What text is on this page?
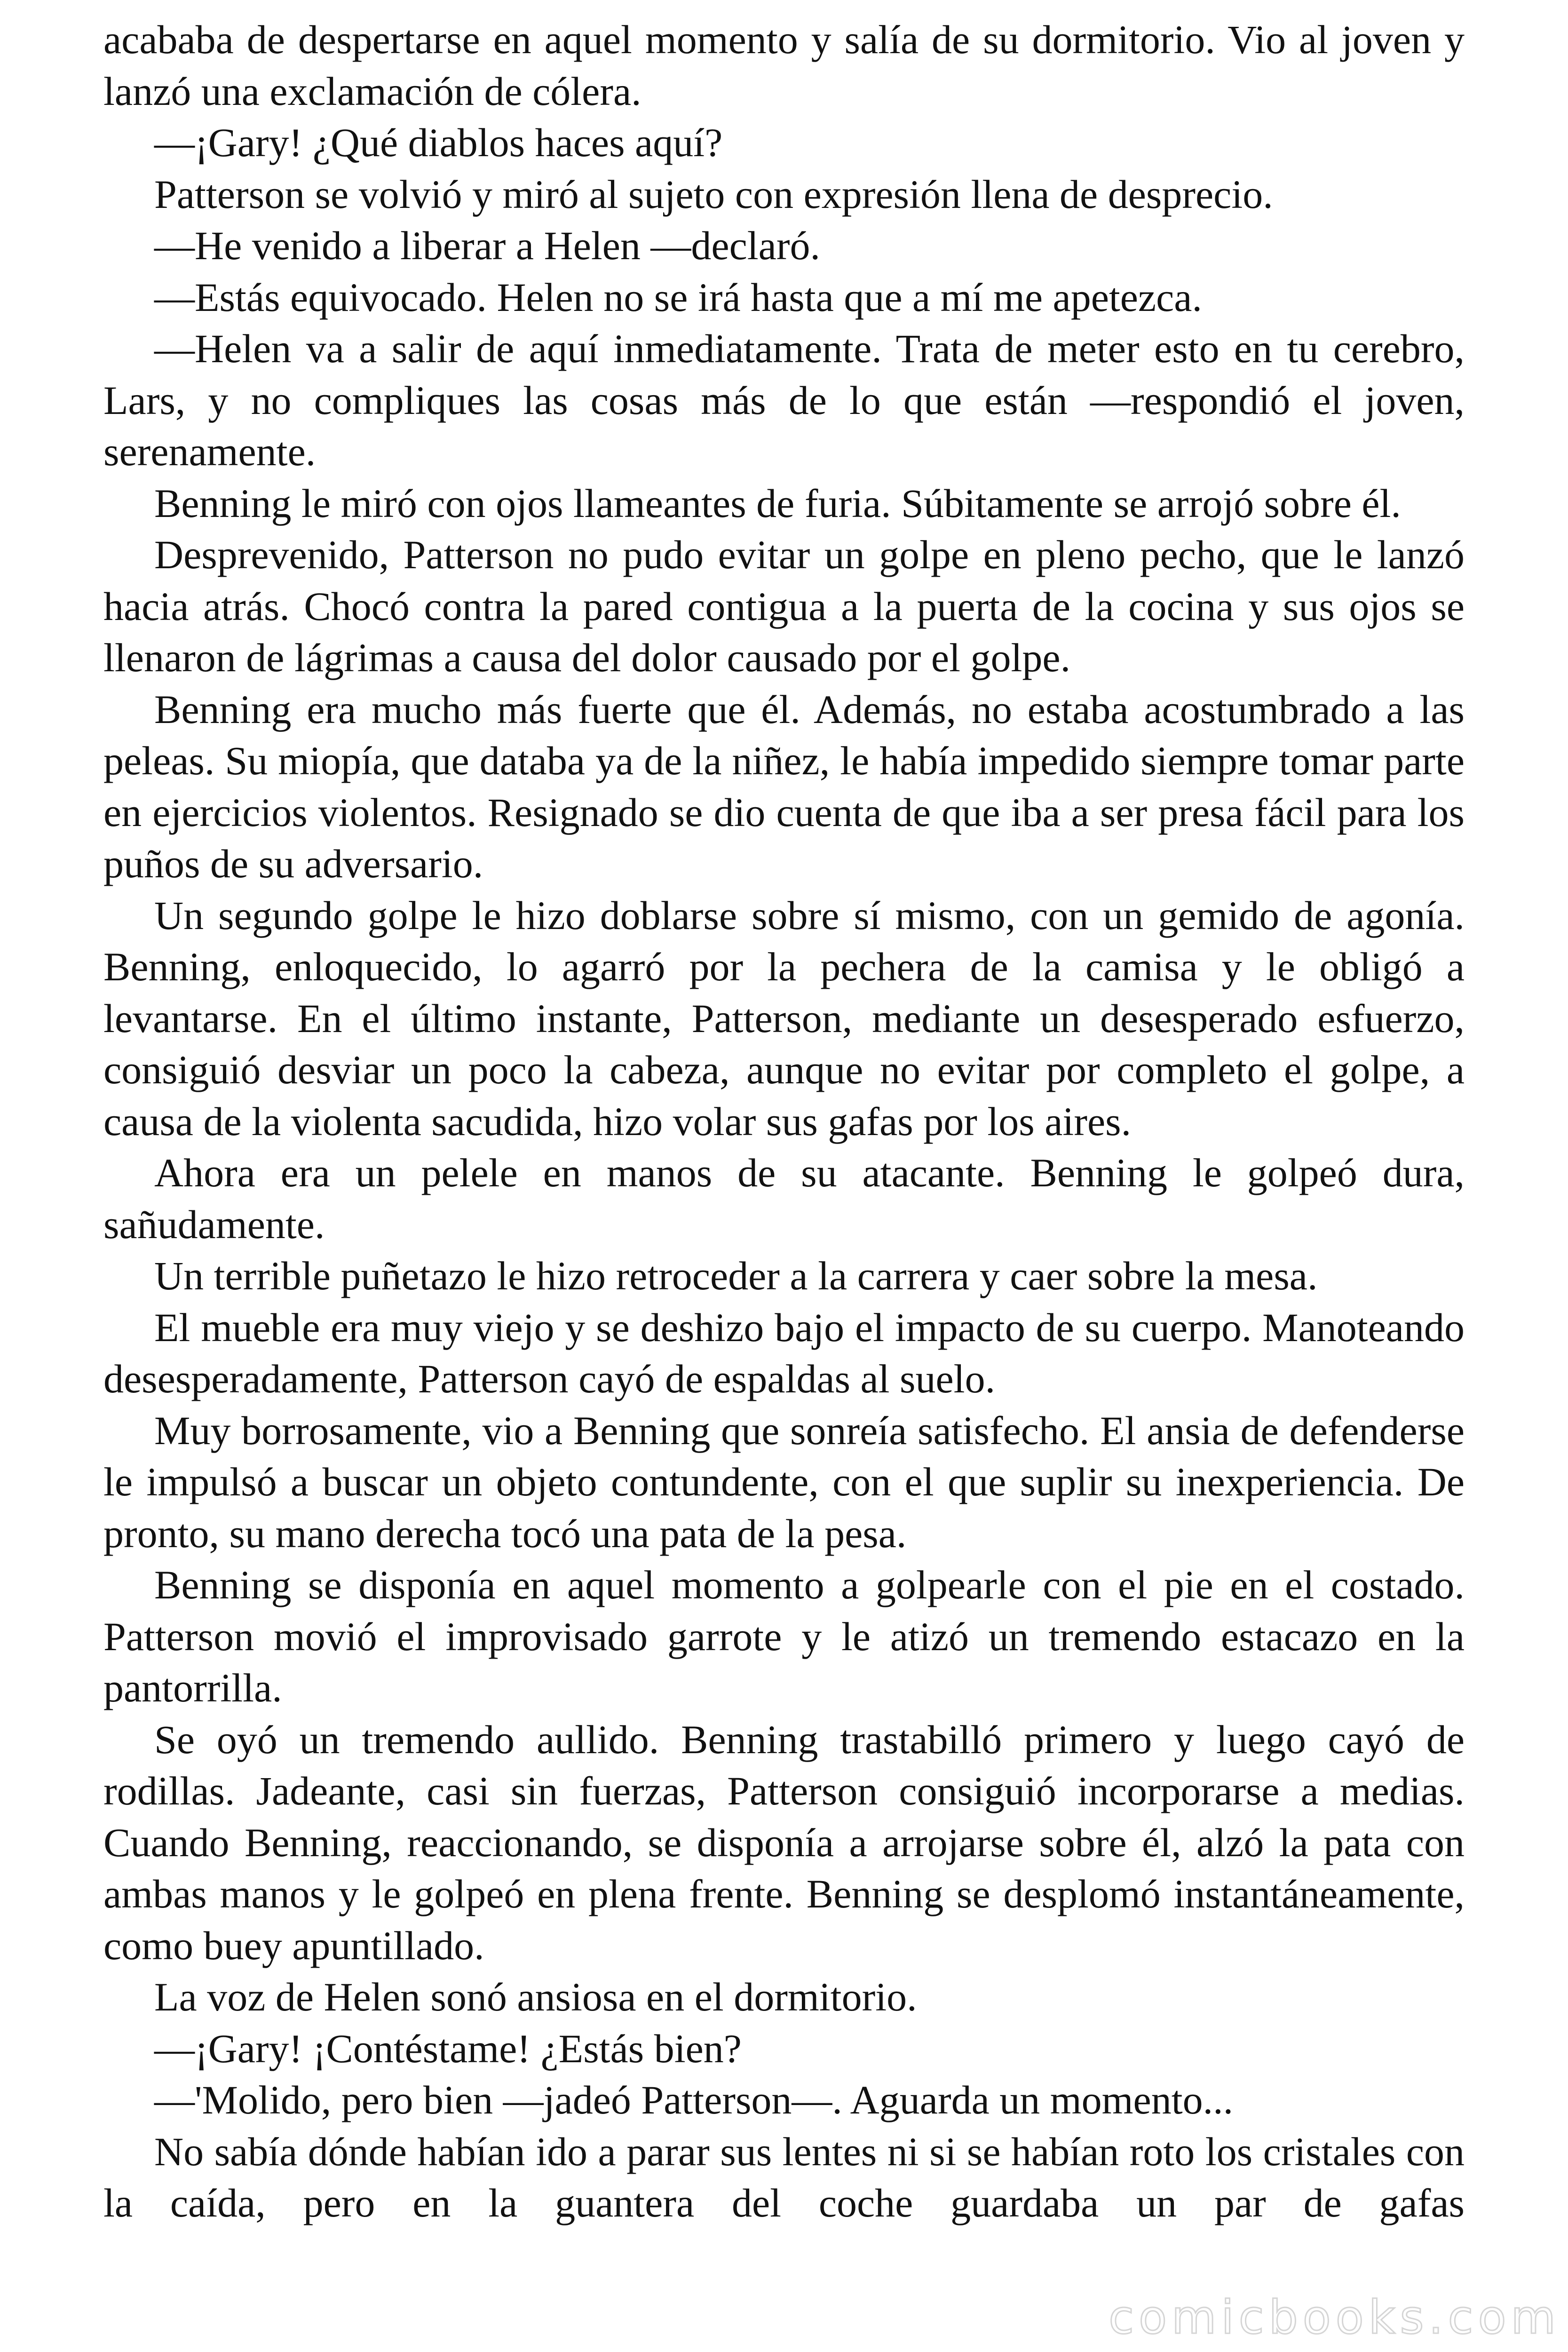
acababa de despertarse en aquel momento y salía de su dormitorio. Vio al joven y lanzó una exclamación de cólera.

—¡Gary! ¿Qué diablos haces aquí?

Patterson se volvió y miró al sujeto con expresión llena de desprecio.

—He venido a liberar a Helen —declaró.

—Estás equivocado. Helen no se irá hasta que a mí me apetezca.

—Helen va a salir de aquí inmediatamente. Trata de meter esto en tu cerebro, Lars, y no compliques las cosas más de lo que están —respondió el joven, serenamente.

Benning le miró con ojos llameantes de furia. Súbitamente se arrojó sobre él.

Desprevenido, Patterson no pudo evitar un golpe en pleno pecho, que le lanzó hacia atrás. Chocó contra la pared contigua a la puerta de la cocina y sus ojos se llenaron de lágrimas a causa del dolor causado por el golpe.

Benning era mucho más fuerte que él. Además, no estaba acostumbrado a las peleas. Su miopía, que databa ya de la niñez, le había impedido siempre tomar parte en ejercicios violentos. Resignado se dio cuenta de que iba a ser presa fácil para los puños de su adversario.

Un segundo golpe le hizo doblarse sobre sí mismo, con un gemido de agonía. Benning, enloquecido, lo agarró por la pechera de la camisa y le obligó a levantarse. En el último instante, Patterson, mediante un desesperado esfuerzo, consiguió desviar un poco la cabeza, aunque no evitar por completo el golpe, a causa de la violenta sacudida, hizo volar sus gafas por los aires.

Ahora era un pelele en manos de su atacante. Benning le golpeó dura, sañudamente.

Un terrible puñetazo le hizo retroceder a la carrera y caer sobre la mesa.

El mueble era muy viejo y se deshizo bajo el impacto de su cuerpo. Manoteando desesperadamente, Patterson cayó de espaldas al suelo.

Muy borrosamente, vio a Benning que sonreía satisfecho. El ansia de defenderse le impulsó a buscar un objeto contundente, con el que suplir su inexperiencia. De pronto, su mano derecha tocó una pata de la pesa.

Benning se disponía en aquel momento a golpearle con el pie en el costado. Patterson movió el improvisado garrote y le atizó un tremendo estacazo en la pantorrilla.

Se oyó un tremendo aullido. Benning trastabilló primero y luego cayó de rodillas. Jadeante, casi sin fuerzas, Patterson consiguió incorporarse a medias. Cuando Benning, reaccionando, se disponía a arrojarse sobre él, alzó la pata con ambas manos y le golpeó en plena frente. Benning se desplomó instantáneamente, como buey apuntillado.

La voz de Helen sonó ansiosa en el dormitorio.

—¡Gary! ¡Contéstame! ¿Estás bien?

—'Molido, pero bien —jadeó Patterson—. Aguarda un momento...

No sabía dónde habían ido a parar sus lentes ni si se habían roto los cristales con la caída, pero en la guantera del coche guardaba un par de gafas

comicbooks.com
